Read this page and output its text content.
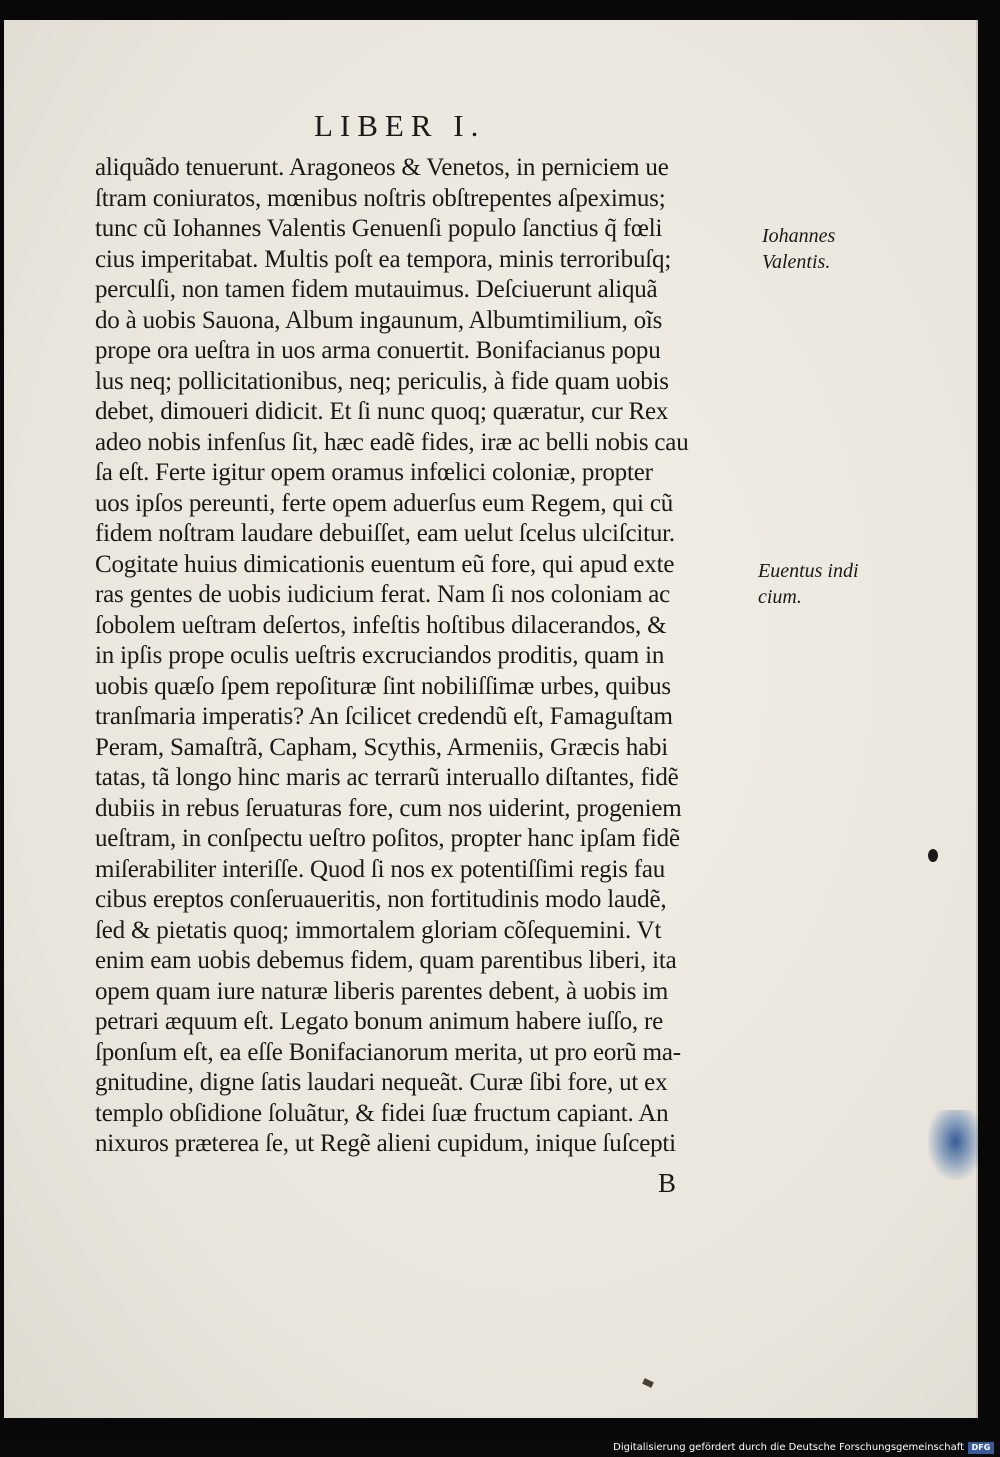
LIBER I.
aliquãdo tenuerunt. Aragoneos & Venetos, in perniciem ue
ſtram coniuratos, mœnibus noſtris obſtrepentes aſpeximus;
tunc cũ Iohannes Valentis Genuenſi populo ſanctius q̃ fœli
cius imperitabat. Multis poſt ea tempora, minis terroribuſq;
perculſi, non tamen fidem mutauimus. Deſciuerunt aliquã
do à uobis Sauona, Album ingaunum, Albumtimilium, oĩs
prope ora ueſtra in uos arma conuertit. Bonifacianus popu
lus neq; pollicitationibus, neq; periculis, à fide quam uobis
debet, dimoueri didicit. Et ſi nunc quoq; quæratur, cur Rex
adeo nobis infenſus ſit, hæc eadẽ fides, iræ ac belli nobis cau
ſa eſt. Ferte igitur opem oramus infœlici coloniæ, propter
uos ipſos pereunti, ferte opem aduerſus eum Regem, qui cũ
fidem noſtram laudare debuiſſet, eam uelut ſcelus ulciſcitur.
Cogitate huius dimicationis euentum eũ fore, qui apud exte
ras gentes de uobis iudicium ferat. Nam ſi nos coloniam ac
ſobolem ueſtram deſertos, infeſtis hoſtibus dilacerandos, &
in ipſis prope oculis ueſtris excruciandos proditis, quam in
uobis quæſo ſpem repoſituræ ſint nobiliſſimæ urbes, quibus
tranſmaria imperatis? An ſcilicet credendũ eſt, Famaguſtam
Peram, Samaſtrã, Capham, Scythis, Armeniis, Græcis habi
tatas, tã longo hinc maris ac terrarũ interuallo diſtantes, fidẽ
dubiis in rebus ſeruaturas fore, cum nos uiderint, progeniem
ueſtram, in conſpectu ueſtro poſitos, propter hanc ipſam fidẽ
miſerabiliter interiſſe. Quod ſi nos ex potentiſſimi regis fau
cibus ereptos conſeruaueritis, non fortitudinis modo laudẽ,
ſed & pietatis quoq; immortalem gloriam cõſequemini. Vt
enim eam uobis debemus fidem, quam parentibus liberi, ita
opem quam iure naturæ liberis parentes debent, à uobis im
petrari æquum eſt. Legato bonum animum habere iuſſo, re
ſponſum eſt, ea eſſe Bonifacianorum merita, ut pro eorũ ma-
gnitudine, digne ſatis laudari nequeãt. Curæ ſibi fore, ut ex
templo obſidione ſoluãtur, & fidei ſuæ fructum capiant. An
nixuros præterea ſe, ut Regẽ alieni cupidum, inique ſuſcepti
Iohannes
Valentis.
Euentus indi
cium.
B
Digitalisierung gefördert durch die Deutsche Forschungsgemeinschaft DFG
